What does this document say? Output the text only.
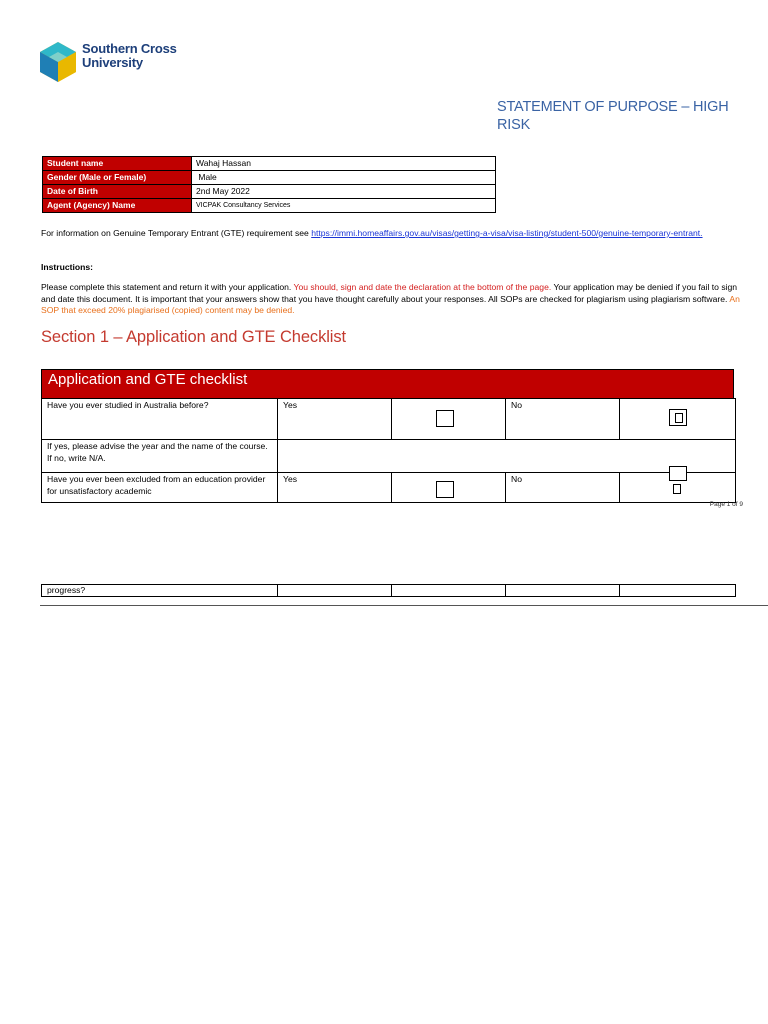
Southern Cross
University
STATEMENT OF PURPOSE – HIGH RISK
Student name	Wahaj Hassan
Gender (Male or Female)	Male
Date of Birth	2nd May 2022
Agent (Agency) Name	VICPAK Consultancy Services
For information on Genuine Temporary Entrant (GTE) requirement see https://immi.homeaffairs.gov.au/visas/getting-a-visa/visa-listing/student-500/genuine-temporary-entrant.
Instructions:
Please complete this statement and return it with your application. You should, sign and date the declaration at the bottom of the page. Your application may be denied if you fail to sign and date this document. It is important that your answers show that you have thought carefully about your responses. All SOPs are checked for plagiarism using plagiarism software. An SOP that exceed 20% plagiarised (copied) content may be denied.
Section 1 – Application and GTE Checklist
Application and GTE checklist
Have you ever studied in Australia before?	Yes		No	

If yes, please advise the year and the name of the course. If no, write N/A.				

Have you ever been excluded from an education provider for unsatisfactory academic	Yes		No	
Page 1 of 9
progress?				
